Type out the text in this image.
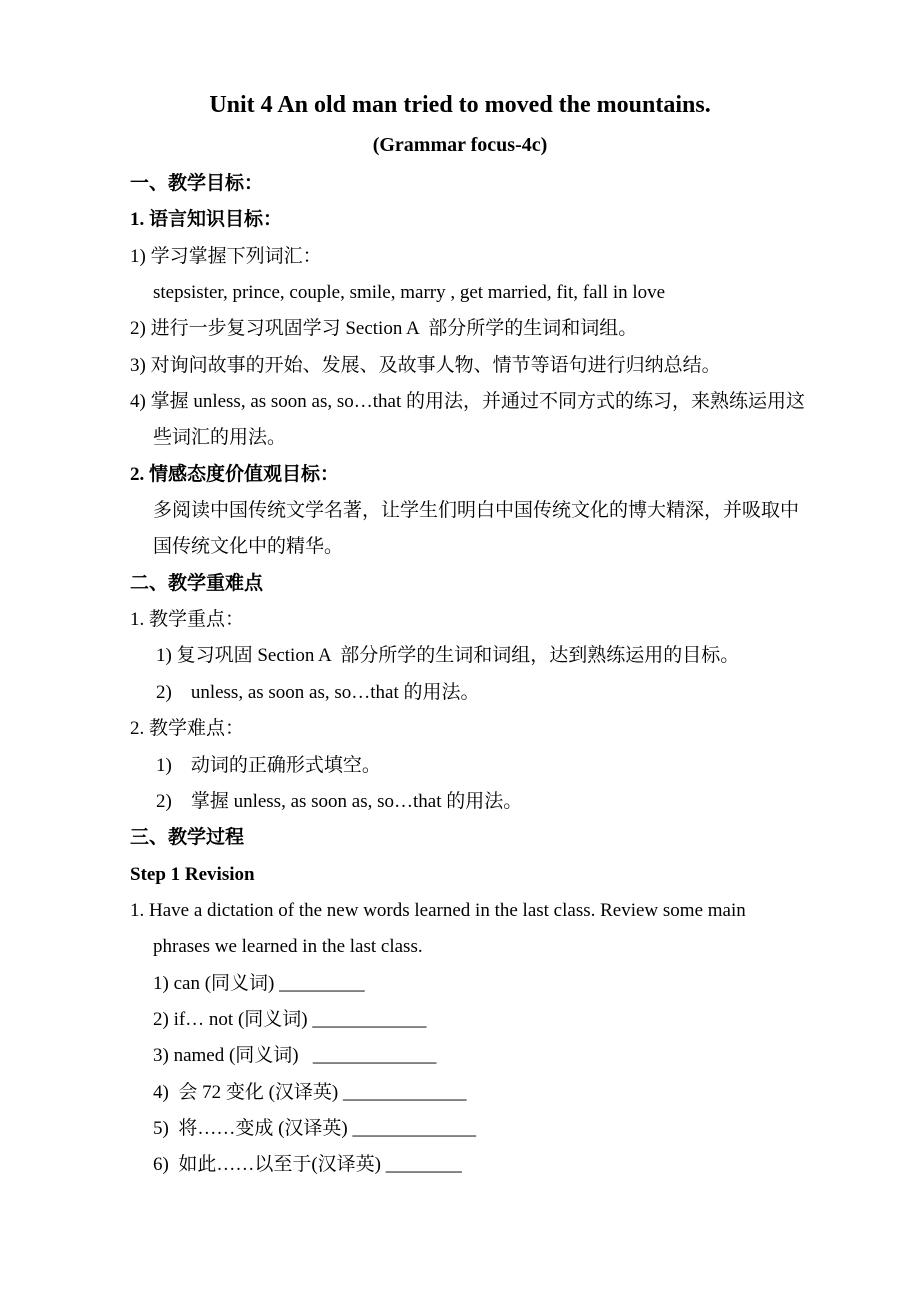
Unit 4 An old man tried to moved the mountains.
(Grammar focus-4c)
一、教学目标：
1. 语言知识目标：
1) 学习掌握下列词汇：
stepsister, prince, couple, smile, marry , get married, fit, fall in love
2) 进行一步复习巩固学习 Section A  部分所学的生词和词组。
3) 对询问故事的开始、发展、及故事人物、情节等语句进行归纳总结。
4) 掌握 unless, as soon as, so…that 的用法，并通过不同方式的练习，来熟练运用这
些词汇的用法。
2. 情感态度价值观目标：
多阅读中国传统文学名著，让学生们明白中国传统文化的博大精深，并吸取中
国传统文化中的精华。
二、教学重难点
1. 教学重点：
1) 复习巩固 Section A  部分所学的生词和词组，达到熟练运用的目标。
2)    unless, as soon as, so…that 的用法。
2. 教学难点：
1)    动词的正确形式填空。
2)    掌握 unless, as soon as, so…that 的用法。
三、教学过程
Step 1 Revision
1. Have a dictation of the new words learned in the last class. Review some main
phrases we learned in the last class.
1) can (同义词) _________
2) if… not (同义词) ____________
3) named (同义词)   _____________
4)  会 72 变化 (汉译英) _____________
5)  将……变成 (汉译英) _____________
6)  如此……以至于(汉译英) ________
